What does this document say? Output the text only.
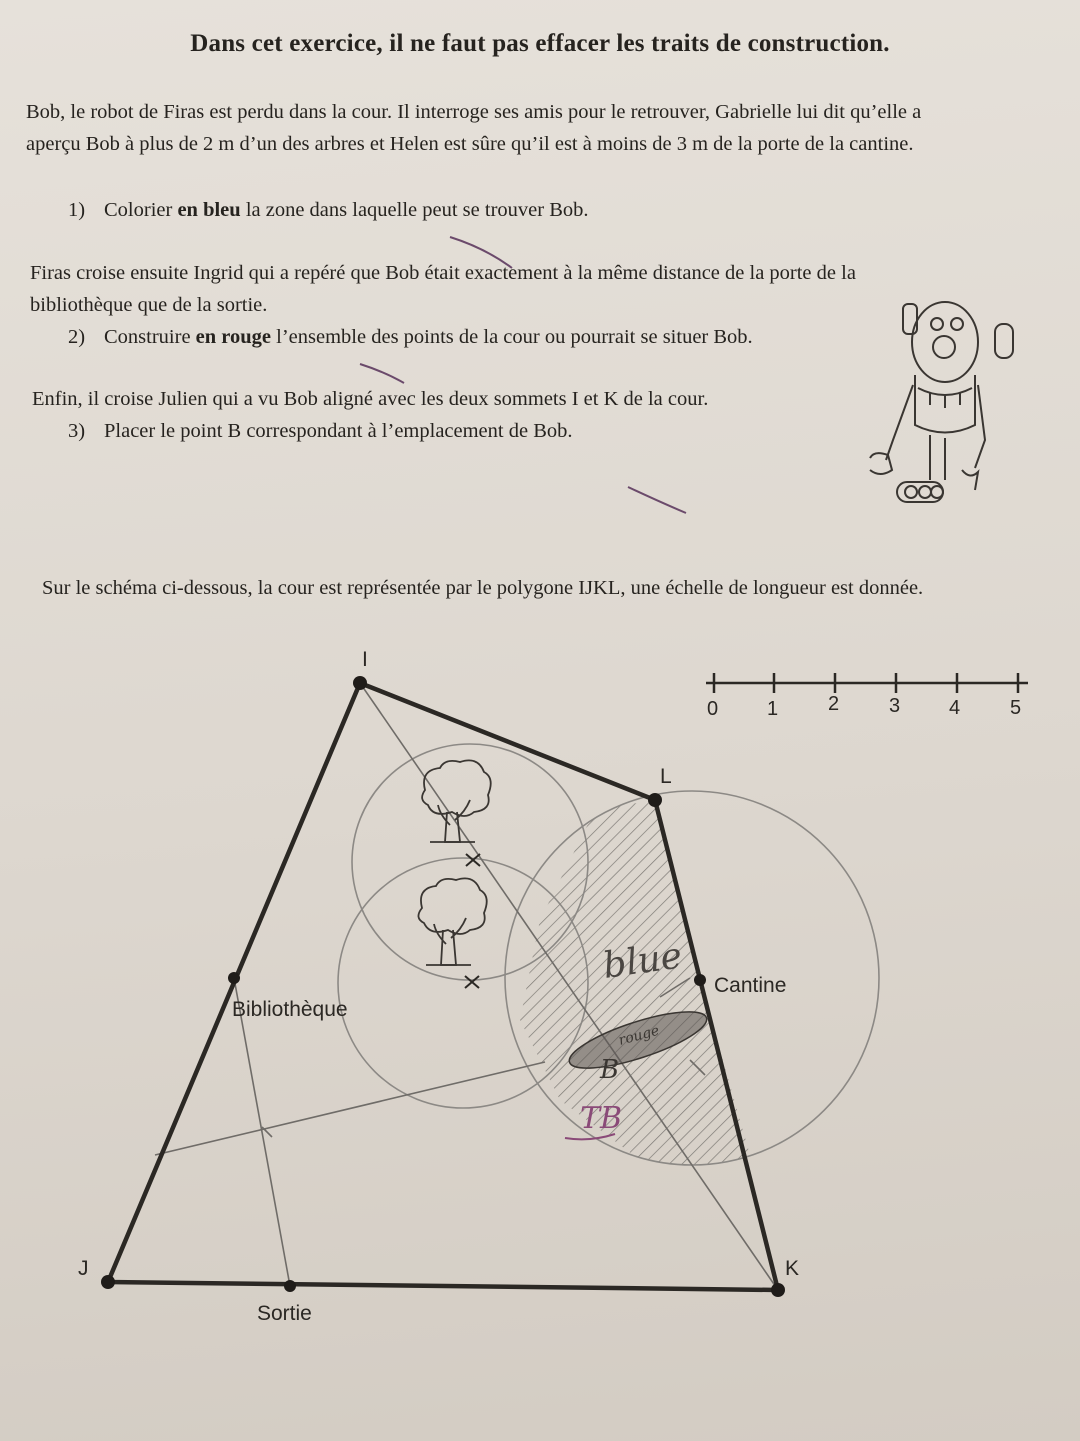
Dans cet exercice, il ne faut pas effacer les traits de construction.
Bob, le robot de Firas est perdu dans la cour. Il interroge ses amis pour le retrouver, Gabrielle lui dit qu’elle a
aperçu Bob à plus de 2 m d’un des arbres et Helen est sûre qu’il est à moins de 3 m de la porte de la cantine.
1) Colorier en bleu la zone dans laquelle peut se trouver Bob.
Firas croise ensuite Ingrid qui a repéré que Bob était exactement à la même distance de la porte de la
bibliothèque que de la sortie.
2) Construire en rouge l’ensemble des points de la cour ou pourrait se situer Bob.
Enfin, il croise Julien qui a vu Bob aligné avec les deux sommets I et K de la cour.
3) Placer le point B correspondant à l’emplacement de Bob.
Sur le schéma ci-dessous, la cour est représentée par le polygone IJKL, une échelle de longueur est donnée.
0 1 2 3 4 5
I
L
K
J
Bibliothèque
Sortie
Cantine
blue
rouge
B
TB
